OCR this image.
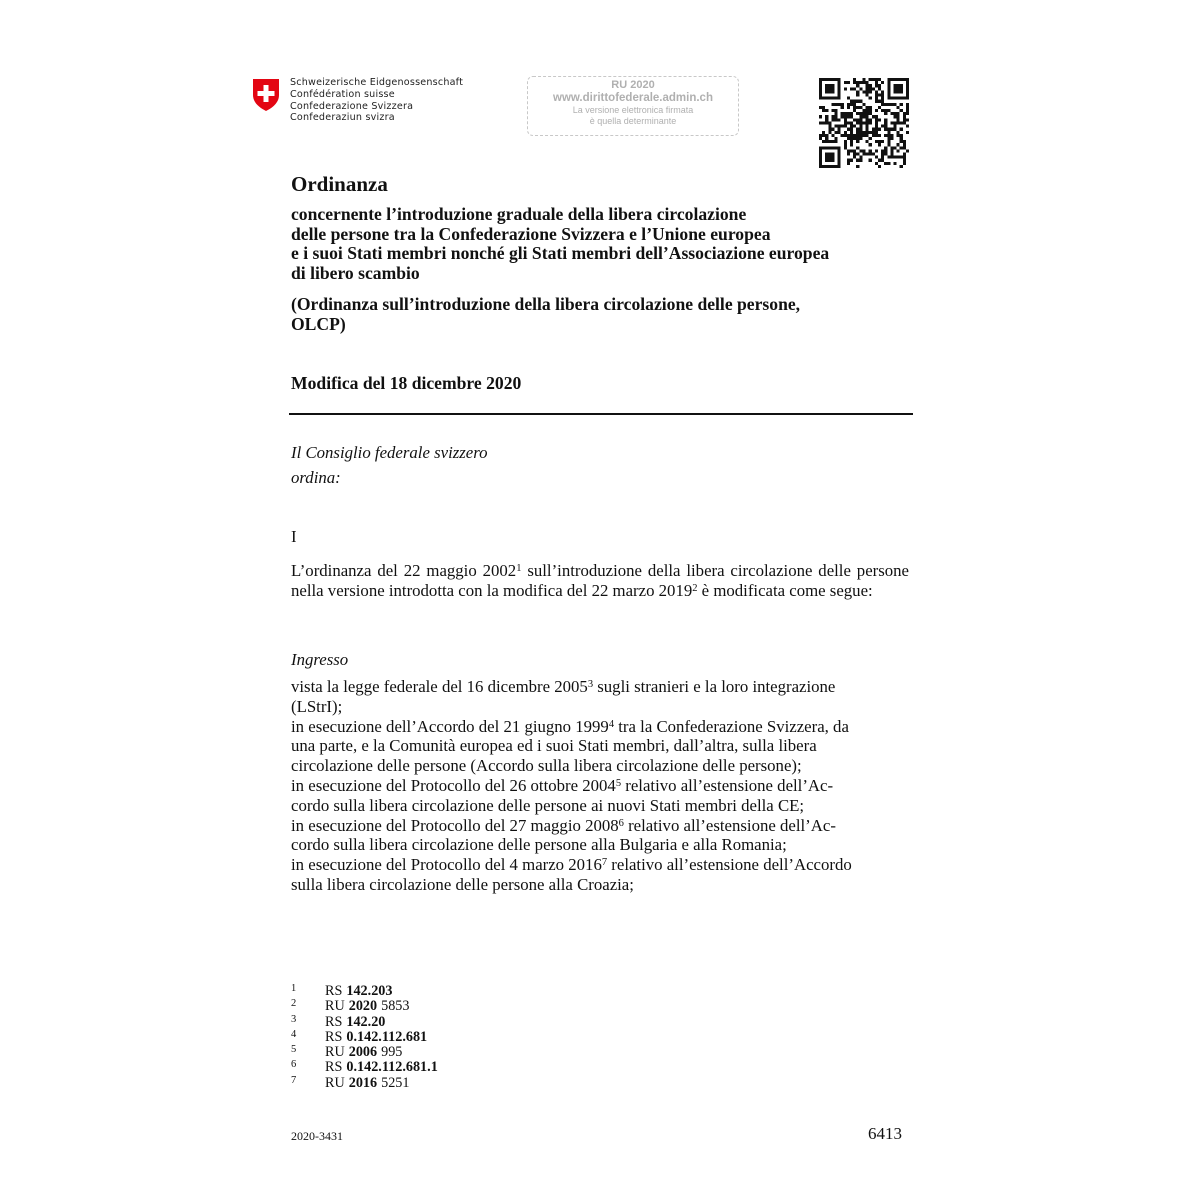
Schweizerische Eidgenossenschaft
Confédération suisse
Confederazione Svizzera
Confederaziun svizra
RU 2020
www.dirittofederale.admin.ch
La versione elettronica firmata
è quella determinante
Ordinanza
concernente l’introduzione graduale della libera circolazione
delle persone tra la Confederazione Svizzera e l’Unione europea
e i suoi Stati membri nonché gli Stati membri dell’Associazione europea
di libero scambio
(Ordinanza sull’introduzione della libera circolazione delle persone,
OLCP)
Modifica del 18 dicembre 2020
Il Consiglio federale svizzero
ordina:
I
L’ordinanza del 22 maggio 2002$^1$ sull’introduzione della libera circolazione delle persone nella versione introdotta con la modifica del 22 marzo 2019$^2$ è modificata come segue:
Ingresso
vista la legge federale del 16 dicembre 2005$^3$ sugli stranieri e la loro integrazione
(LStrI);
in esecuzione dell’Accordo del 21 giugno 1999$^4$ tra la Confederazione Svizzera, da
una parte, e la Comunità europea ed i suoi Stati membri, dall’altra, sulla libera
circolazione delle persone (Accordo sulla libera circolazione delle persone);
in esecuzione del Protocollo del 26 ottobre 2004$^5$ relativo all’estensione dell’Ac-
cordo sulla libera circolazione delle persone ai nuovi Stati membri della CE;
in esecuzione del Protocollo del 27 maggio 2008$^6$ relativo all’estensione dell’Ac-
cordo sulla libera circolazione delle persone alla Bulgaria e alla Romania;
in esecuzione del Protocollo del 4 marzo 2016$^7$ relativo all’estensione dell’Accordo
sulla libera circolazione delle persone alla Croazia;
1	RS 142.203
2	RU 2020 5853
3	RS 142.20
4	RS 0.142.112.681
5	RU 2006 995
6	RS 0.142.112.681.1
7	RU 2016 5251
2020-3431	6413
